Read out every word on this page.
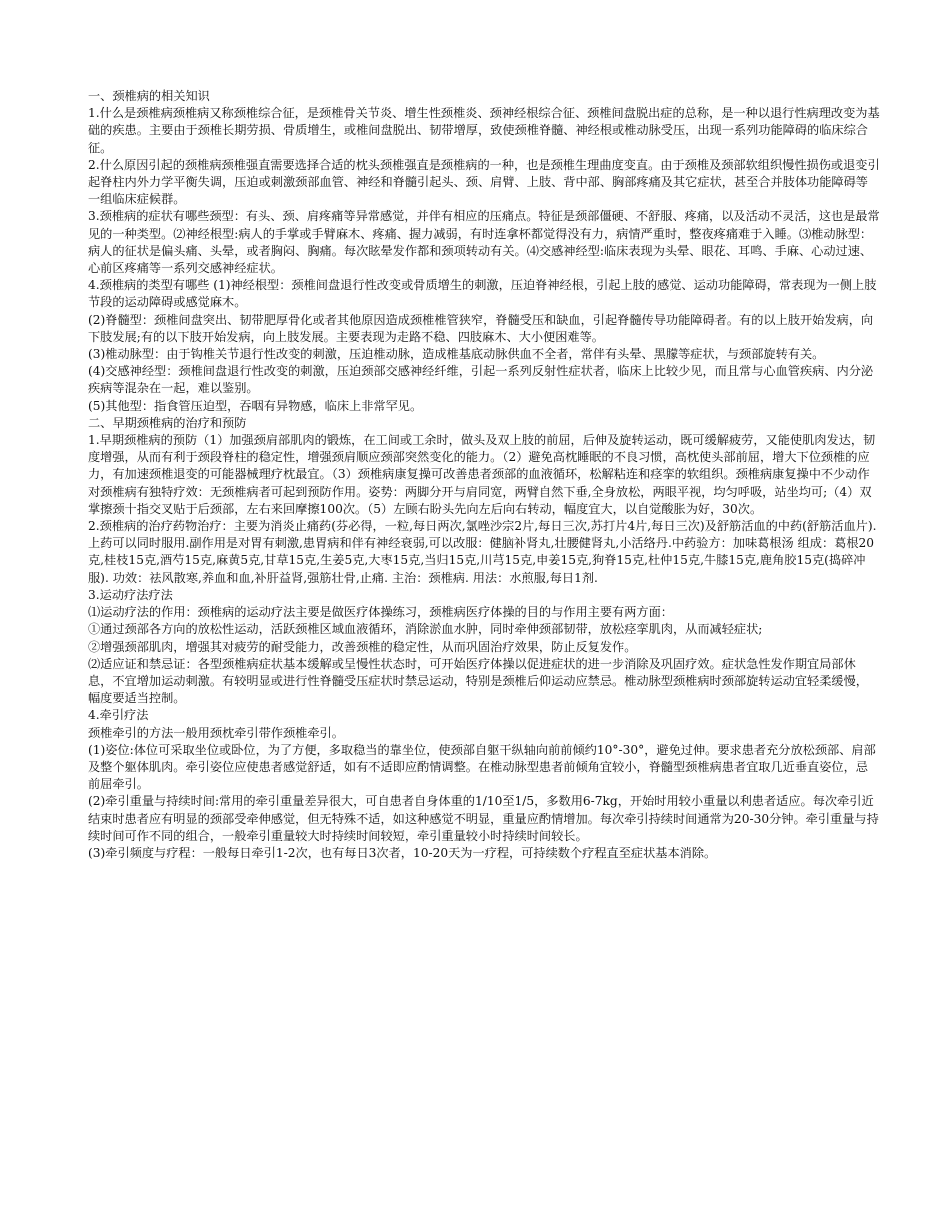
一、颈椎病的相关知识

1.什么是颈椎病颈椎病又称颈椎综合征，是颈椎骨关节炎、增生性颈椎炎、颈神经根综合征、颈椎间盘脱出症的总称，是一种以退行性病理改变为基础的疾患。主要由于颈椎长期劳损、骨质增生，或椎间盘脱出、韧带增厚，致使颈椎脊髓、神经根或椎动脉受压，出现一系列功能障碍的临床综合征。

2.什么原因引起的颈椎病颈椎强直需要选择合适的枕头颈椎强直是颈椎病的一种，也是颈椎生理曲度变直。由于颈椎及颈部软组织慢性损伤或退变引起脊柱内外力学平衡失调，压迫或刺激颈部血管、神经和脊髓引起头、颈、肩臂、上肢、背中部、胸部疼痛及其它症状，甚至合并肢体功能障碍等一组临床症候群。

3.颈椎病的症状有哪些颈型：有头、颈、肩疼痛等异常感觉，并伴有相应的压痛点。特征是颈部僵硬、不舒服、疼痛，以及活动不灵活，这也是最常见的一种类型。⑵神经根型:病人的手掌或手臂麻木、疼痛、握力减弱，有时连拿杯都觉得没有力，病情严重时，整夜疼痛难于入睡。⑶椎动脉型：病人的征状是偏头痛、头晕，或者胸闷、胸痛。每次眩晕发作都和颈项转动有关。⑷交感神经型:临床表现为头晕、眼花、耳鸣、手麻、心动过速、心前区疼痛等一系列交感神经症状。

4.颈椎病的类型有哪些 (1)神经根型：颈椎间盘退行性改变或骨质增生的刺激，压迫脊神经根，引起上肢的感觉、运动功能障碍，常表现为一侧上肢节段的运动障碍或感觉麻木。

(2)脊髓型：颈椎间盘突出、韧带肥厚骨化或者其他原因造成颈椎椎管狭窄，脊髓受压和缺血，引起脊髓传导功能障碍者。有的以上肢开始发病，向下肢发展;有的以下肢开始发病，向上肢发展。主要表现为走路不稳、四肢麻木、大小便困难等。

(3)椎动脉型：由于钩椎关节退行性改变的刺激，压迫椎动脉，造成椎基底动脉供血不全者，常伴有头晕、黑朦等症状，与颈部旋转有关。

(4)交感神经型：颈椎间盘退行性改变的刺激，压迫颈部交感神经纤维，引起一系列反射性症状者，临床上比较少见，而且常与心血管疾病、内分泌疾病等混杂在一起，难以鉴别。

(5)其他型：指食管压迫型，吞咽有异物感，临床上非常罕见。

二、早期颈椎病的治疗和预防

1.早期颈椎病的预防（1）加强颈肩部肌肉的锻炼，在工间或工余时，做头及双上肢的前屈，后伸及旋转运动，既可缓解疲劳，又能使肌肉发达，韧度增强，从而有利于颈段脊柱的稳定性，增强颈肩顺应颈部突然变化的能力。（2）避免高枕睡眠的不良习惯，高枕使头部前屈，增大下位颈椎的应力，有加速颈椎退变的可能器械理疗枕最宜。（3）颈椎病康复操可改善患者颈部的血液循环，松解粘连和痉挛的软组织。颈椎病康复操中不少动作对颈椎病有独特疗效：无颈椎病者可起到预防作用。姿势：两脚分开与肩同宽，两臂自然下垂,全身放松，两眼平视，均匀呼吸，站坐均可;（4）双掌擦颈十指交叉贴于后颈部，左右来回摩擦100次。（5）左顾右盼头先向左后向右转动，幅度宜大，以自觉酸胀为好，30次。

2.颈椎病的治疗药物治疗：主要为消炎止痛药(芬必得，一粒,每日两次,氯唑沙宗2片,每日三次,苏打片4片,每日三次)及舒筋活血的中药(舒筋活血片).上药可以同时服用.副作用是对胃有刺激,患胃病和伴有神经衰弱,可以改服：健脑补肾丸,壮腰健肾丸,小活络丹.中药验方：加味葛根汤 组成：葛根20克,桂枝15克,酒芍15克,麻黄5克,甘草15克,生姜5克,大枣15克,当归15克,川芎15克,申姜15克,狗脊15克,杜仲15克,牛膝15克,鹿角胶15克(捣碎冲服). 功效：祛风散寒,养血和血,补肝益肾,强筋壮骨,止痛. 主治：颈椎病. 用法：水煎服,每日1剂.

3.运动疗法疗法

⑴运动疗法的作用：颈椎病的运动疗法主要是做医疗体操练习，颈椎病医疗体操的目的与作用主要有两方面：

①通过颈部各方向的放松性运动，活跃颈椎区域血液循环，消除淤血水肿，同时牵伸颈部韧带，放松痉挛肌肉，从而减轻症状;

②增强颈部肌肉，增强其对疲劳的耐受能力，改善颈椎的稳定性，从而巩固治疗效果，防止反复发作。

⑵适应证和禁忌证：各型颈椎病症状基本缓解或呈慢性状态时，可开始医疗体操以促进症状的进一步消除及巩固疗效。症状急性发作期宜局部休息，不宜增加运动刺激。有较明显或进行性脊髓受压症状时禁忌运动，特别是颈椎后仰运动应禁忌。椎动脉型颈椎病时颈部旋转运动宜轻柔缓慢，幅度要适当控制。

4.牵引疗法

颈椎牵引的方法一般用颈枕牵引带作颈椎牵引。

(1)姿位:体位可采取坐位或卧位，为了方便，多取稳当的靠坐位，使颈部自躯干纵轴向前前倾约10°-30°，避免过伸。要求患者充分放松颈部、肩部及整个躯体肌肉。牵引姿位应使患者感觉舒适，如有不适即应酌情调整。在椎动脉型患者前倾角宜较小，脊髓型颈椎病患者宜取几近垂直姿位，忌前屈牵引。

(2)牵引重量与持续时间:常用的牵引重量差异很大，可自患者自身体重的1/10至1/5，多数用6-7kg，开始时用较小重量以利患者适应。每次牵引近结束时患者应有明显的颈部受牵伸感觉，但无特殊不适，如这种感觉不明显，重量应酌情增加。每次牵引持续时间通常为20-30分钟。牵引重量与持续时间可作不同的组合，一般牵引重量较大时持续时间较短，牵引重量较小时持续时间较长。

(3)牵引频度与疗程：一般每日牵引1-2次，也有每日3次者，10-20天为一疗程，可持续数个疗程直至症状基本消除。
